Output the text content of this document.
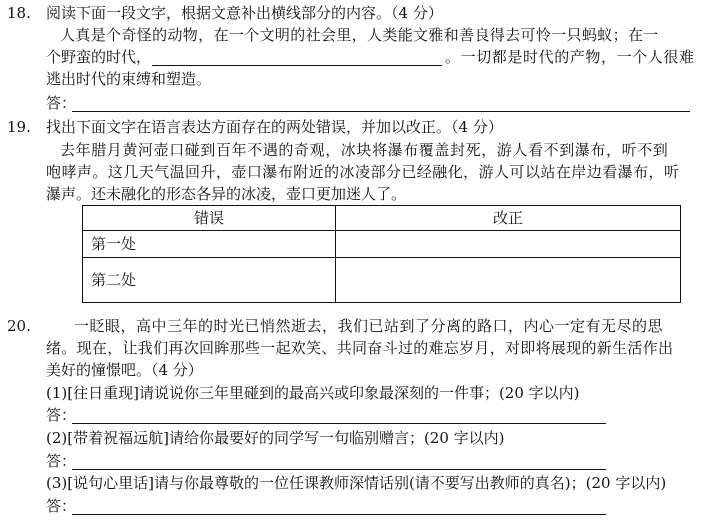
18. 阅读下面一段文字，根据文意补出横线部分的内容。（4 分）
人真是个奇怪的动物，在一个文明的社会里，人类能文雅和善良得去可怜一只蚂蚁；在一
个野蛮的时代，	。一切都是时代的产物，一个人很难
逃出时代的束缚和塑造。
答：
19. 找出下面文字在语言表达方面存在的两处错误，并加以改正。（4 分）
去年腊月黄河壶口碰到百年不遇的奇观，冰块将瀑布覆盖封死，游人看不到瀑布，听不到
咆哮声。这几天气温回升，壶口瀑布附近的冰凌部分已经融化，游人可以站在岸边看瀑布，听
瀑声。还未融化的形态各异的冰凌，壶口更加迷人了。
错误	改正
第一处	
第二处	
20.	一眨眼，高中三年的时光已悄然逝去，我们已站到了分离的路口，内心一定有无尽的思
绪。现在，让我们再次回眸那些一起欢笑、共同奋斗过的难忘岁月，对即将展现的新生活作出
美好的憧憬吧。（4 分）
(1)[往日重现]请说说你三年里碰到的最高兴或印象最深刻的一件事；(20 字以内)
答：
(2)[带着祝福远航]请给你最要好的同学写一句临别赠言；(20 字以内)
答：
(3)[说句心里话]请与你最尊敬的一位任课教师深情话别(请不要写出教师的真名)；(20 字以内)
答：
